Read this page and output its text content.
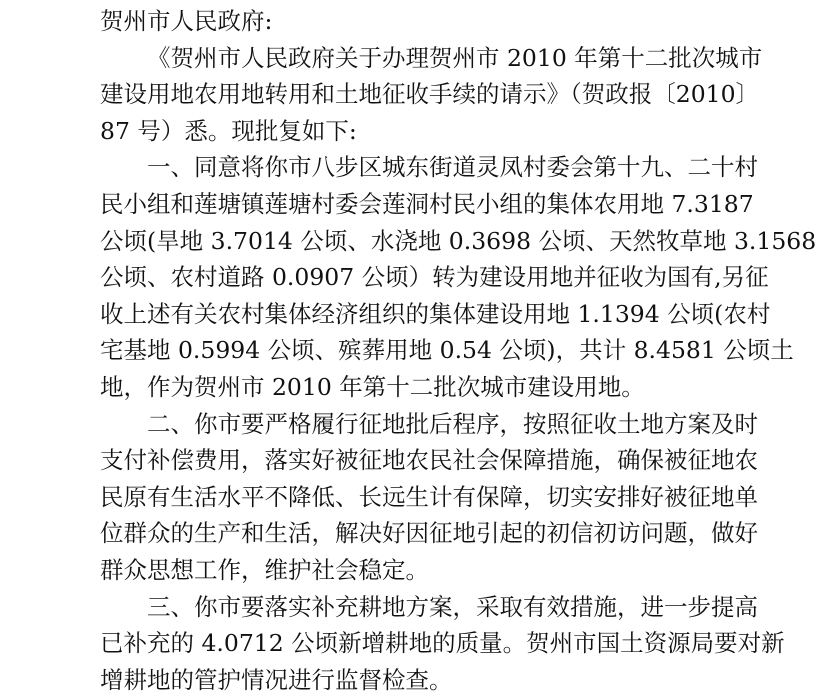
贺州市人民政府:
《贺州市人民政府关于办理贺州市 2010 年第十二批次城市
建设用地农用地转用和土地征收手续的请示》（贺政报〔2010〕
87 号）悉。现批复如下:
一、同意将你市八步区城东街道灵凤村委会第十九、二十村
民小组和莲塘镇莲塘村委会莲洞村民小组的集体农用地 7.3187
公顷(旱地 3.7014 公顷、水浇地 0.3698 公顷、天然牧草地 3.1568
公顷、农村道路 0.0907 公顷）转为建设用地并征收为国有,另征
收上述有关农村集体经济组织的集体建设用地 1.1394 公顷(农村
宅基地 0.5994 公顷、殡葬用地 0.54 公顷)，共计 8.4581 公顷土
地，作为贺州市 2010 年第十二批次城市建设用地。
二、你市要严格履行征地批后程序，按照征收土地方案及时
支付补偿费用，落实好被征地农民社会保障措施，确保被征地农
民原有生活水平不降低、长远生计有保障，切实安排好被征地单
位群众的生产和生活，解决好因征地引起的初信初访问题，做好
群众思想工作，维护社会稳定。
三、你市要落实补充耕地方案，采取有效措施，进一步提高
已补充的 4.0712 公顷新增耕地的质量。贺州市国土资源局要对新
增耕地的管护情况进行监督检查。
